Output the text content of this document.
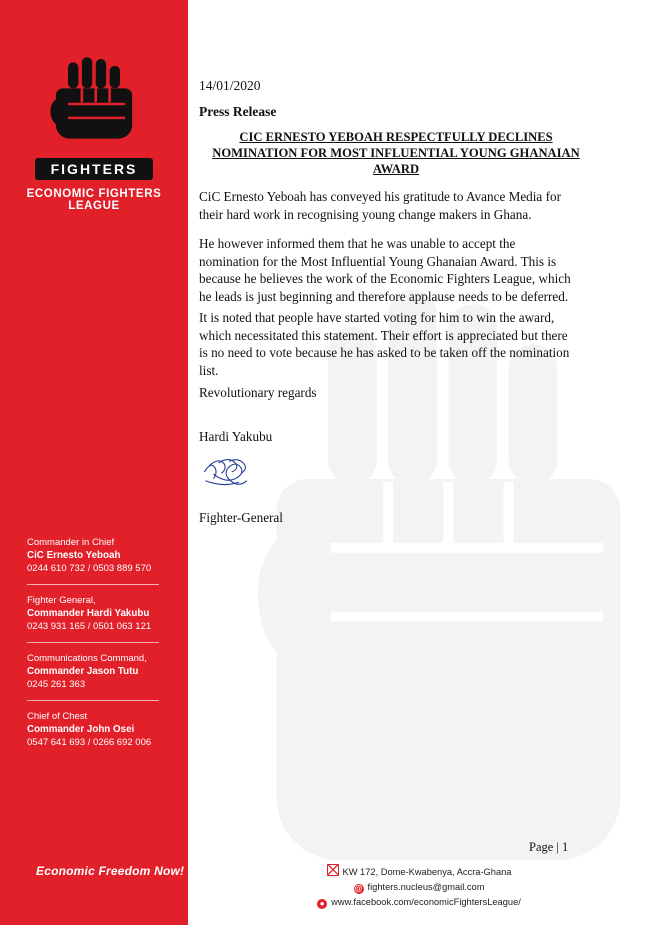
FIGHTERS
ECONOMIC FIGHTERS LEAGUE
Commander in Chief
CiC Ernesto Yeboah
0244 610 732 / 0503 889 570
Fighter General,
Commander Hardi Yakubu
0243 931 165 / 0501 063 121
Communications Command,
Commander Jason Tutu
0245 261 363
Chief of Chest
Commander John Osei
0547 641 693 / 0266 692 006
Economic Freedom Now!
14/01/2020
Press Release
CIC ERNESTO YEBOAH RESPECTFULLY DECLINES NOMINATION FOR MOST INFLUENTIAL YOUNG GHANAIAN AWARD
CiC Ernesto Yeboah has conveyed his gratitude to Avance Media for their hard work in recognising young change makers in Ghana.
He however informed them that he was unable to accept the nomination for the Most Influential Young Ghanaian Award. This is because he believes the work of the Economic Fighters League, which he leads is just beginning and therefore applause needs to be deferred.
It is noted that people have started voting for him to win the award, which necessitated this statement. Their effort is appreciated but there is no need to vote because he has asked to be taken off the nomination list.
Revolutionary regards
Hardi Yakubu
Fighter-General
Page | 1
KW 172, Dome-Kwabenya, Accra-Ghana
@ fighters.nucleus@gmail.com
● www.facebook.com/economicFightersLeague/
